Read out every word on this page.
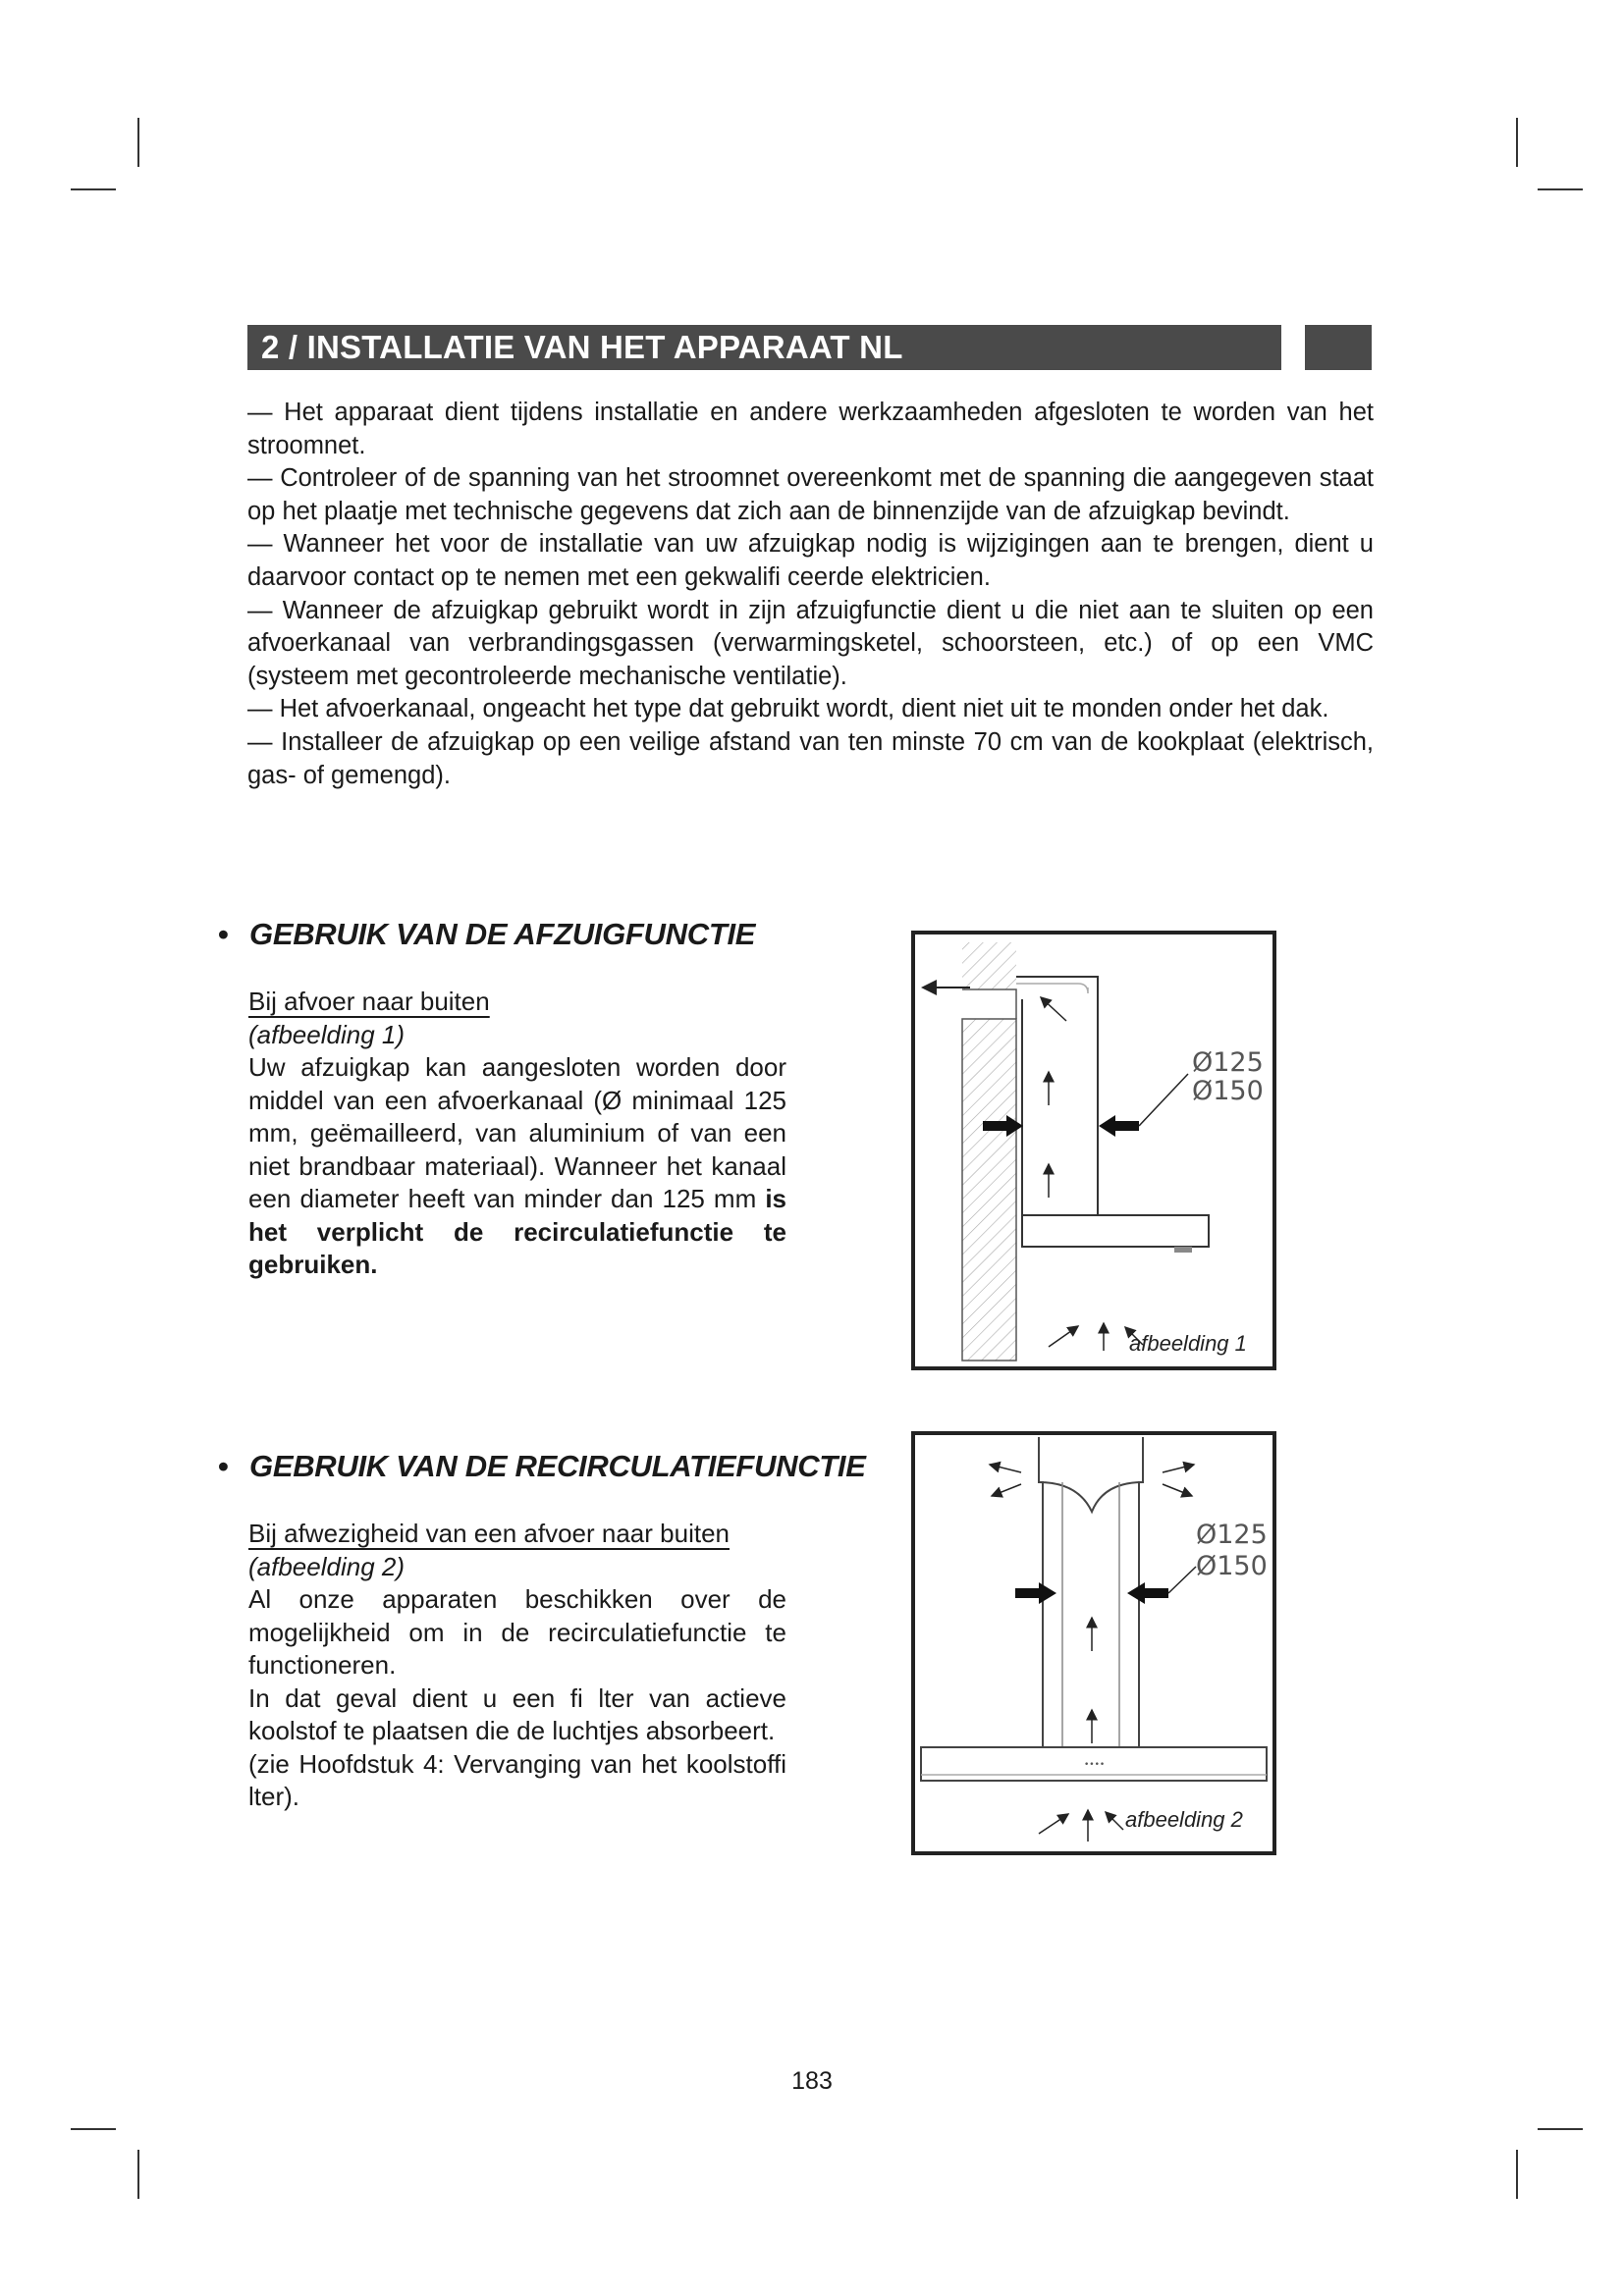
2 / INSTALLATIE VAN HET APPARAAT NL

— Het apparaat dient tijdens installatie en andere werkzaamheden afgesloten te worden van het stroomnet.

— Controleer of de spanning van het stroomnet overeenkomt met de spanning die aangegeven staat op het plaatje met technische gegevens dat zich aan de binnenzijde van de afzuigkap bevindt.

— Wanneer het voor de installatie van uw afzuigkap nodig is wijzigingen aan te brengen, dient u daarvoor contact op te nemen met een gekwalifi ceerde elektricien.

— Wanneer de afzuigkap gebruikt wordt in zijn afzuigfunctie dient u die niet aan te sluiten op een afvoerkanaal van verbrandingsgassen (verwarmingsketel, schoorsteen, etc.) of op een VMC (systeem met gecontroleerde mechanische ventilatie).

— Het afvoerkanaal, ongeacht het type dat gebruikt wordt, dient niet uit te monden onder het dak.

— Installeer de afzuigkap op een veilige afstand van ten minste 70 cm van de kookplaat (elektrisch, gas- of gemengd).

• GEBRUIK VAN DE AFZUIGFUNCTIE

Bij afvoer naar buiten

(afbeelding 1)

Uw afzuigkap kan aangesloten worden door middel van een afvoerkanaal (Ø minimaal 125 mm, geëmailleerd, van aluminium of van een niet brandbaar materiaal). Wanneer het kanaal een diameter heeft van minder dan 125 mm is het verplicht de recirculatiefunctie te gebruiken.

Ø125
Ø150
afbeelding 1
• GEBRUIK VAN DE RECIRCULATIEFUNCTIE

Bij afwezigheid van een afvoer naar buiten

(afbeelding 2)

Al onze apparaten beschikken over de mogelijkheid om in de recirculatiefunctie te functioneren.

In dat geval dient u een fi lter van actieve koolstof te plaatsen die de luchtjes absorbeert.

(zie Hoofdstuk 4: Vervanging van het koolstoffi lter).

Ø125
Ø150
••••
afbeelding 2
183
